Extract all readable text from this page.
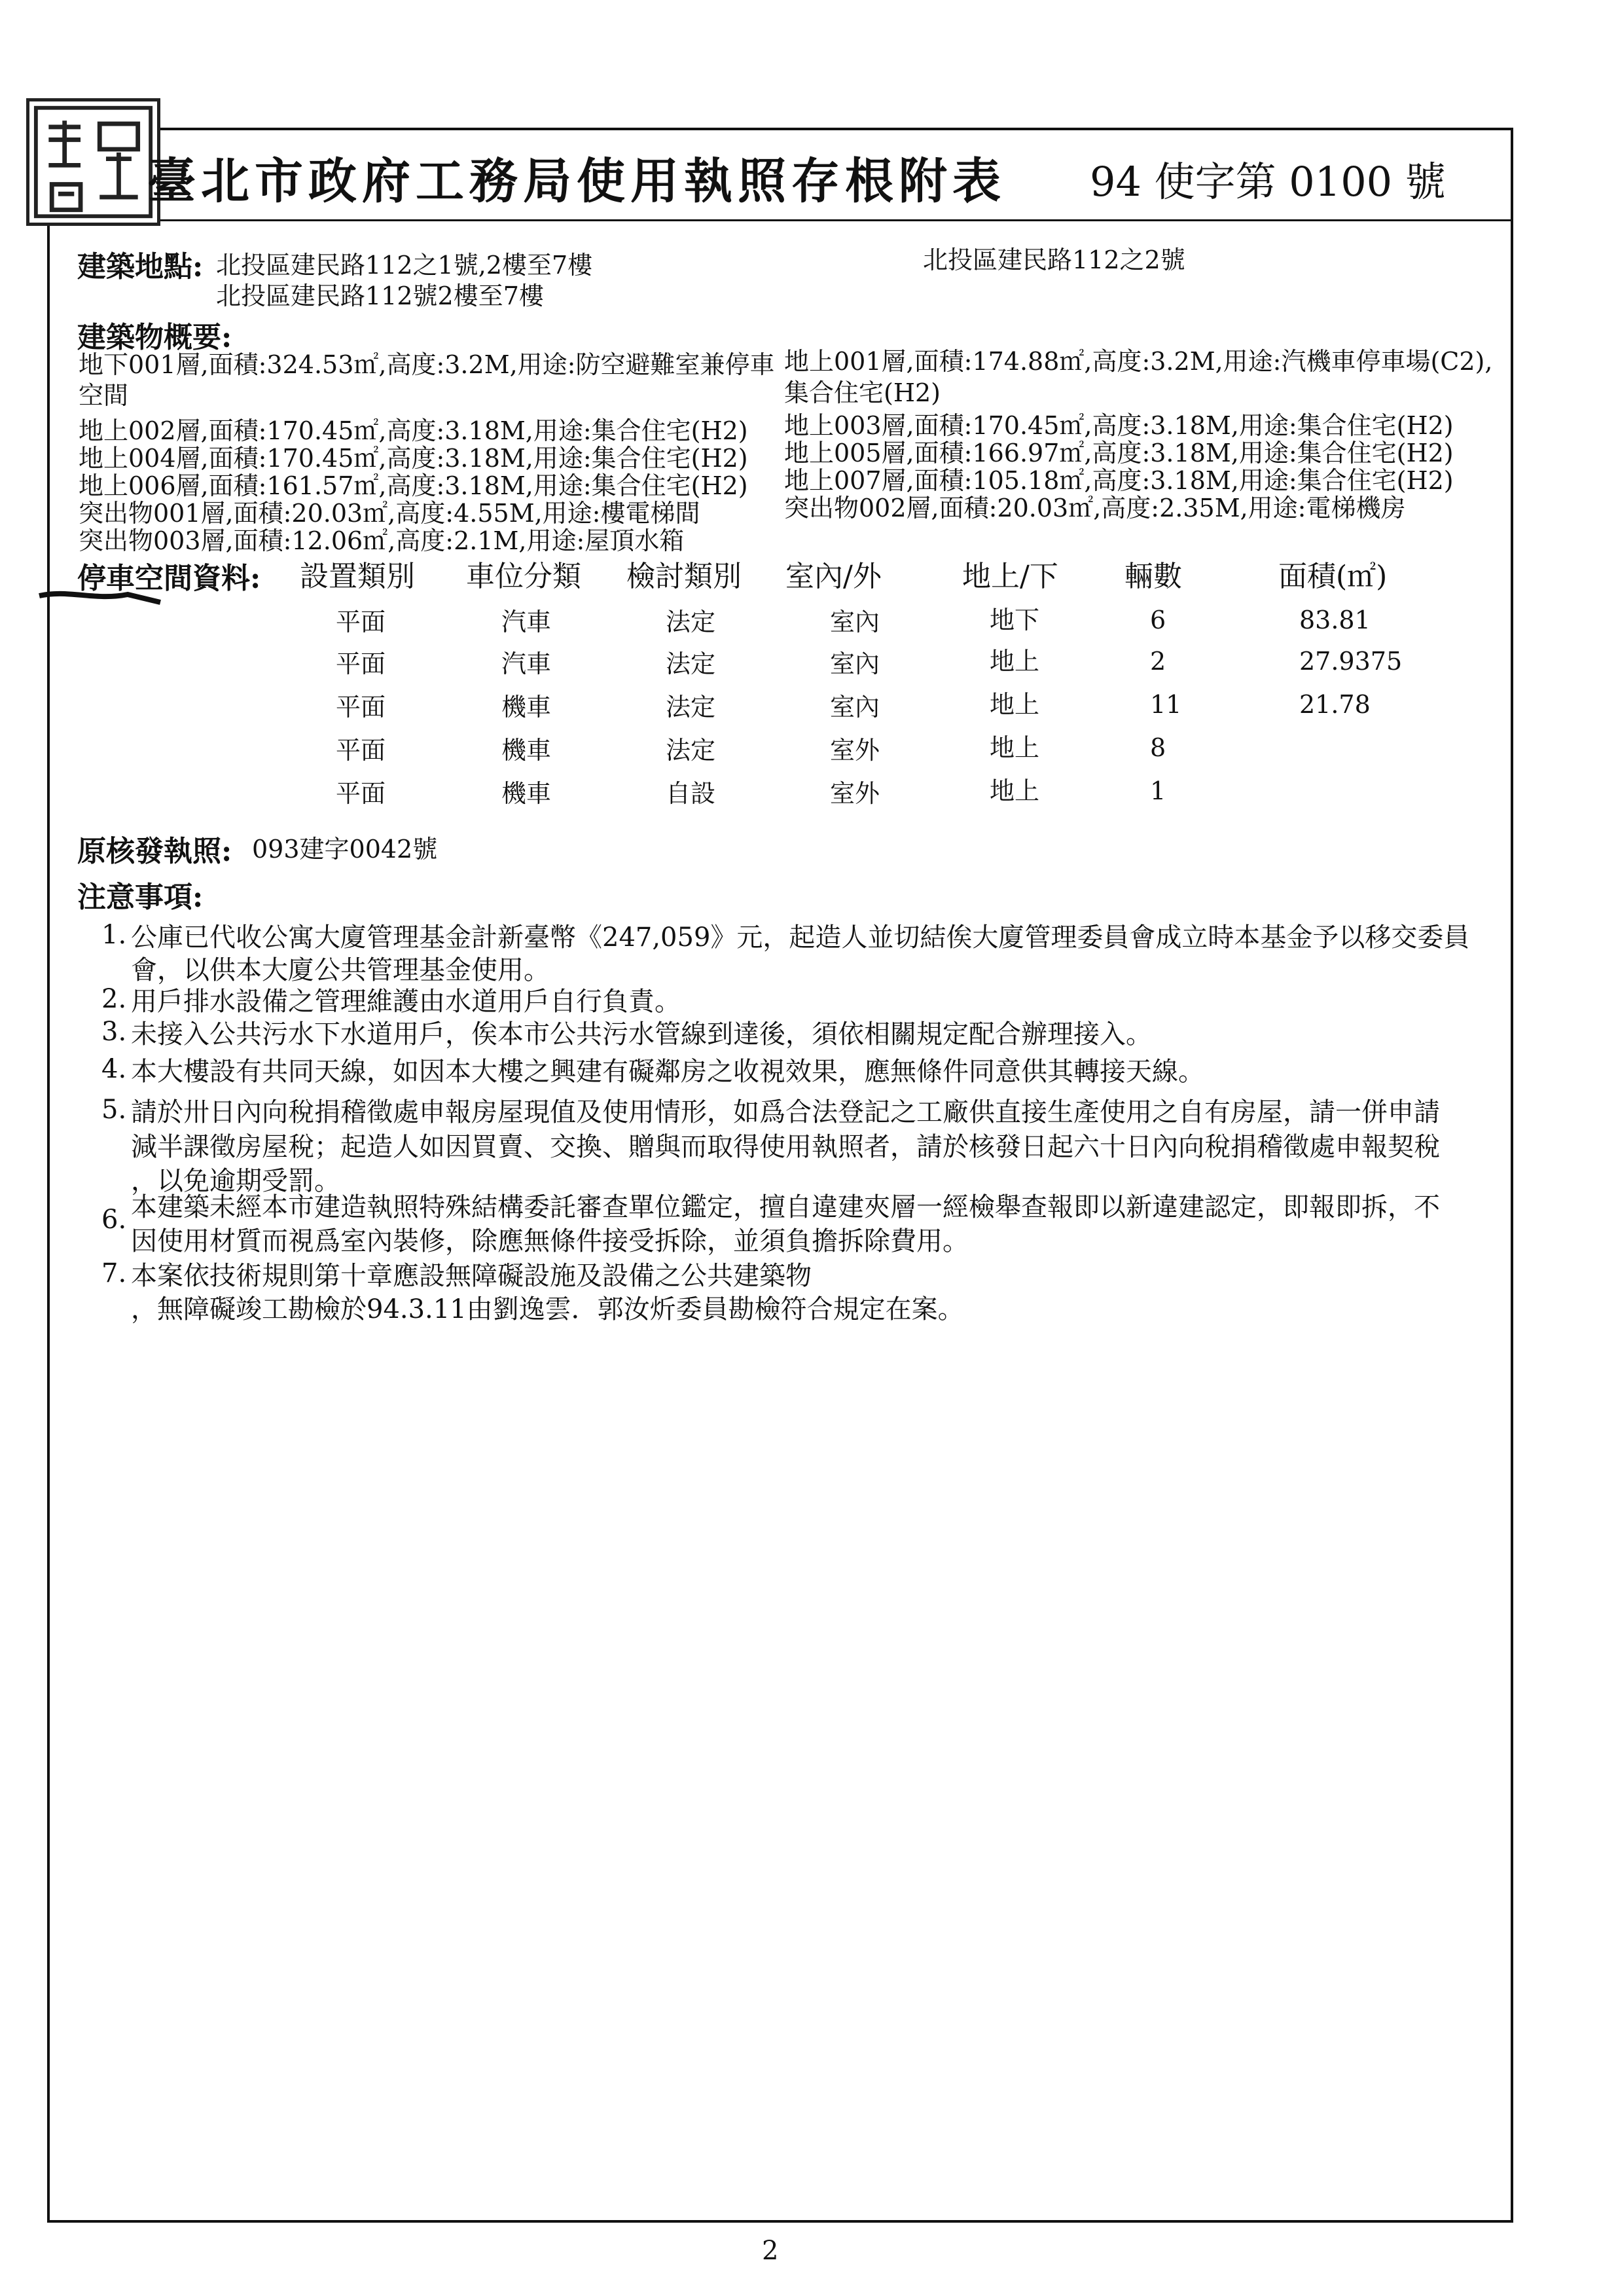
臺北市政府工務局使用執照存根附表 94 使字第 0100 號
建築地點: 北投區建民路112之1號,2樓至7樓
北投區建民路112號2樓至7樓
北投區建民路112之2號
建築物概要:
地下001層,面積:324.53㎡,高度:3.2M,用途:防空避難室兼停車
空間
地上002層,面積:170.45㎡,高度:3.18M,用途:集合住宅(H2)
地上004層,面積:170.45㎡,高度:3.18M,用途:集合住宅(H2)
地上006層,面積:161.57㎡,高度:3.18M,用途:集合住宅(H2)
突出物001層,面積:20.03㎡,高度:4.55M,用途:樓電梯間
突出物003層,面積:12.06㎡,高度:2.1M,用途:屋頂水箱
地上001層,面積:174.88㎡,高度:3.2M,用途:汽機車停車場(C2),
集合住宅(H2)
地上003層,面積:170.45㎡,高度:3.18M,用途:集合住宅(H2)
地上005層,面積:166.97㎡,高度:3.18M,用途:集合住宅(H2)
地上007層,面積:105.18㎡,高度:3.18M,用途:集合住宅(H2)
突出物002層,面積:20.03㎡,高度:2.35M,用途:電梯機房
停車空間資料: 設置類別 車位分類 檢討類別 室內/外	地上/下 輛數	面積(㎡)
平面	汽車	法定	室內	地下	6	83.81
平面	汽車	法定	室內	地上	2	27.9375
平面	機車	法定	室內	地上	11	21.78
平面	機車	法定	室外	地上	8
平面	機車	自設	室外	地上	1
原核發執照: 093建字0042號
注意事項:
1. 公庫已代收公寓大廈管理基金計新臺幣《247,059》元，起造人並切結俟大廈管理委員會成立時本基金予以移交委員
會，以供本大廈公共管理基金使用。
2. 用戶排水設備之管理維護由水道用戶自行負責。
3. 未接入公共污水下水道用戶，俟本市公共污水管線到達後，須依相關規定配合辦理接入。
4. 本大樓設有共同天線，如因本大樓之興建有礙鄰房之收視效果，應無條件同意供其轉接天線。
5. 請於卅日內向稅捐稽徵處申報房屋現值及使用情形，如爲合法登記之工廠供直接生產使用之自有房屋，請一併申請
減半課徵房屋稅；起造人如因買賣、交換、贈與而取得使用執照者，請於核發日起六十日內向稅捐稽徵處申報契稅
，以免逾期受罰。
6. 本建築未經本市建造執照特殊結構委託審查單位鑑定，擅自違建夾層一經檢舉查報即以新違建認定，即報即拆，不
因使用材質而視爲室內裝修，除應無條件接受拆除，並須負擔拆除費用。
7. 本案依技術規則第十章應設無障礙設施及設備之公共建築物
，無障礙竣工勘檢於94.3.11由劉逸雲．郭汝炘委員勘檢符合規定在案。
2
